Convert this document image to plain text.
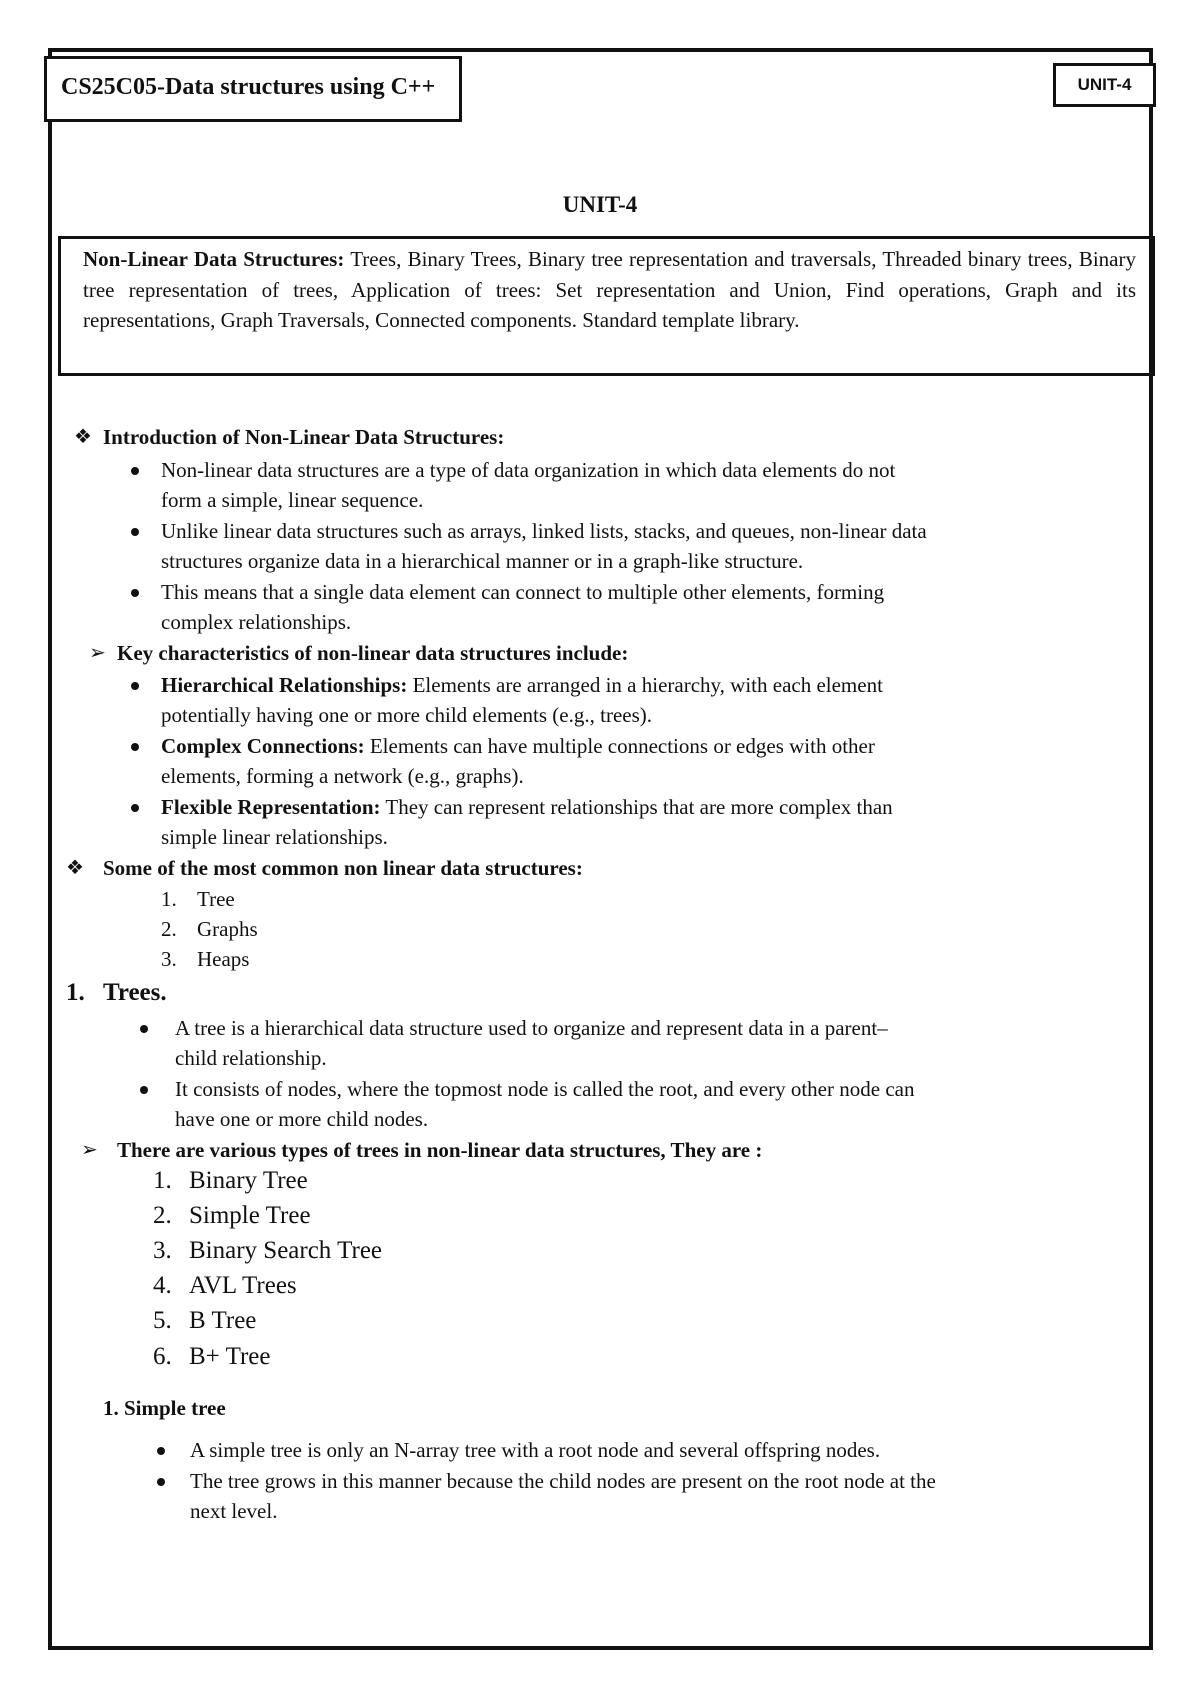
CS25C05-Data structures using C++	UNIT-4
UNIT-4
Non-Linear Data Structures: Trees, Binary Trees, Binary tree representation and traversals, Threaded binary trees, Binary tree representation of trees, Application of trees: Set representation and Union, Find operations, Graph and its representations, Graph Traversals, Connected components. Standard template library.
❖ Introduction of Non-Linear Data Structures:
Non-linear data structures are a type of data organization in which data elements do not
form a simple, linear sequence.
Unlike linear data structures such as arrays, linked lists, stacks, and queues, non-linear data
structures organize data in a hierarchical manner or in a graph-like structure.
This means that a single data element can connect to multiple other elements, forming
complex relationships.
➢ Key characteristics of non-linear data structures include:
Hierarchical Relationships: Elements are arranged in a hierarchy, with each element
potentially having one or more child elements (e.g., trees).
Complex Connections: Elements can have multiple connections or edges with other
elements, forming a network (e.g., graphs).
Flexible Representation: They can represent relationships that are more complex than
simple linear relationships.
❖ Some of the most common non linear data structures:
1. Tree
2. Graphs
3. Heaps
1. Trees.
A tree is a hierarchical data structure used to organize and represent data in a parent–
child relationship.
It consists of nodes, where the topmost node is called the root, and every other node can
have one or more child nodes.
➢ There are various types of trees in non-linear data structures, They are :
1. Binary Tree
2. Simple Tree
3. Binary Search Tree
4. AVL Trees
5. B Tree
6. B+ Tree
1. Simple tree
A simple tree is only an N-array tree with a root node and several offspring nodes.
The tree grows in this manner because the child nodes are present on the root node at the
next level.
